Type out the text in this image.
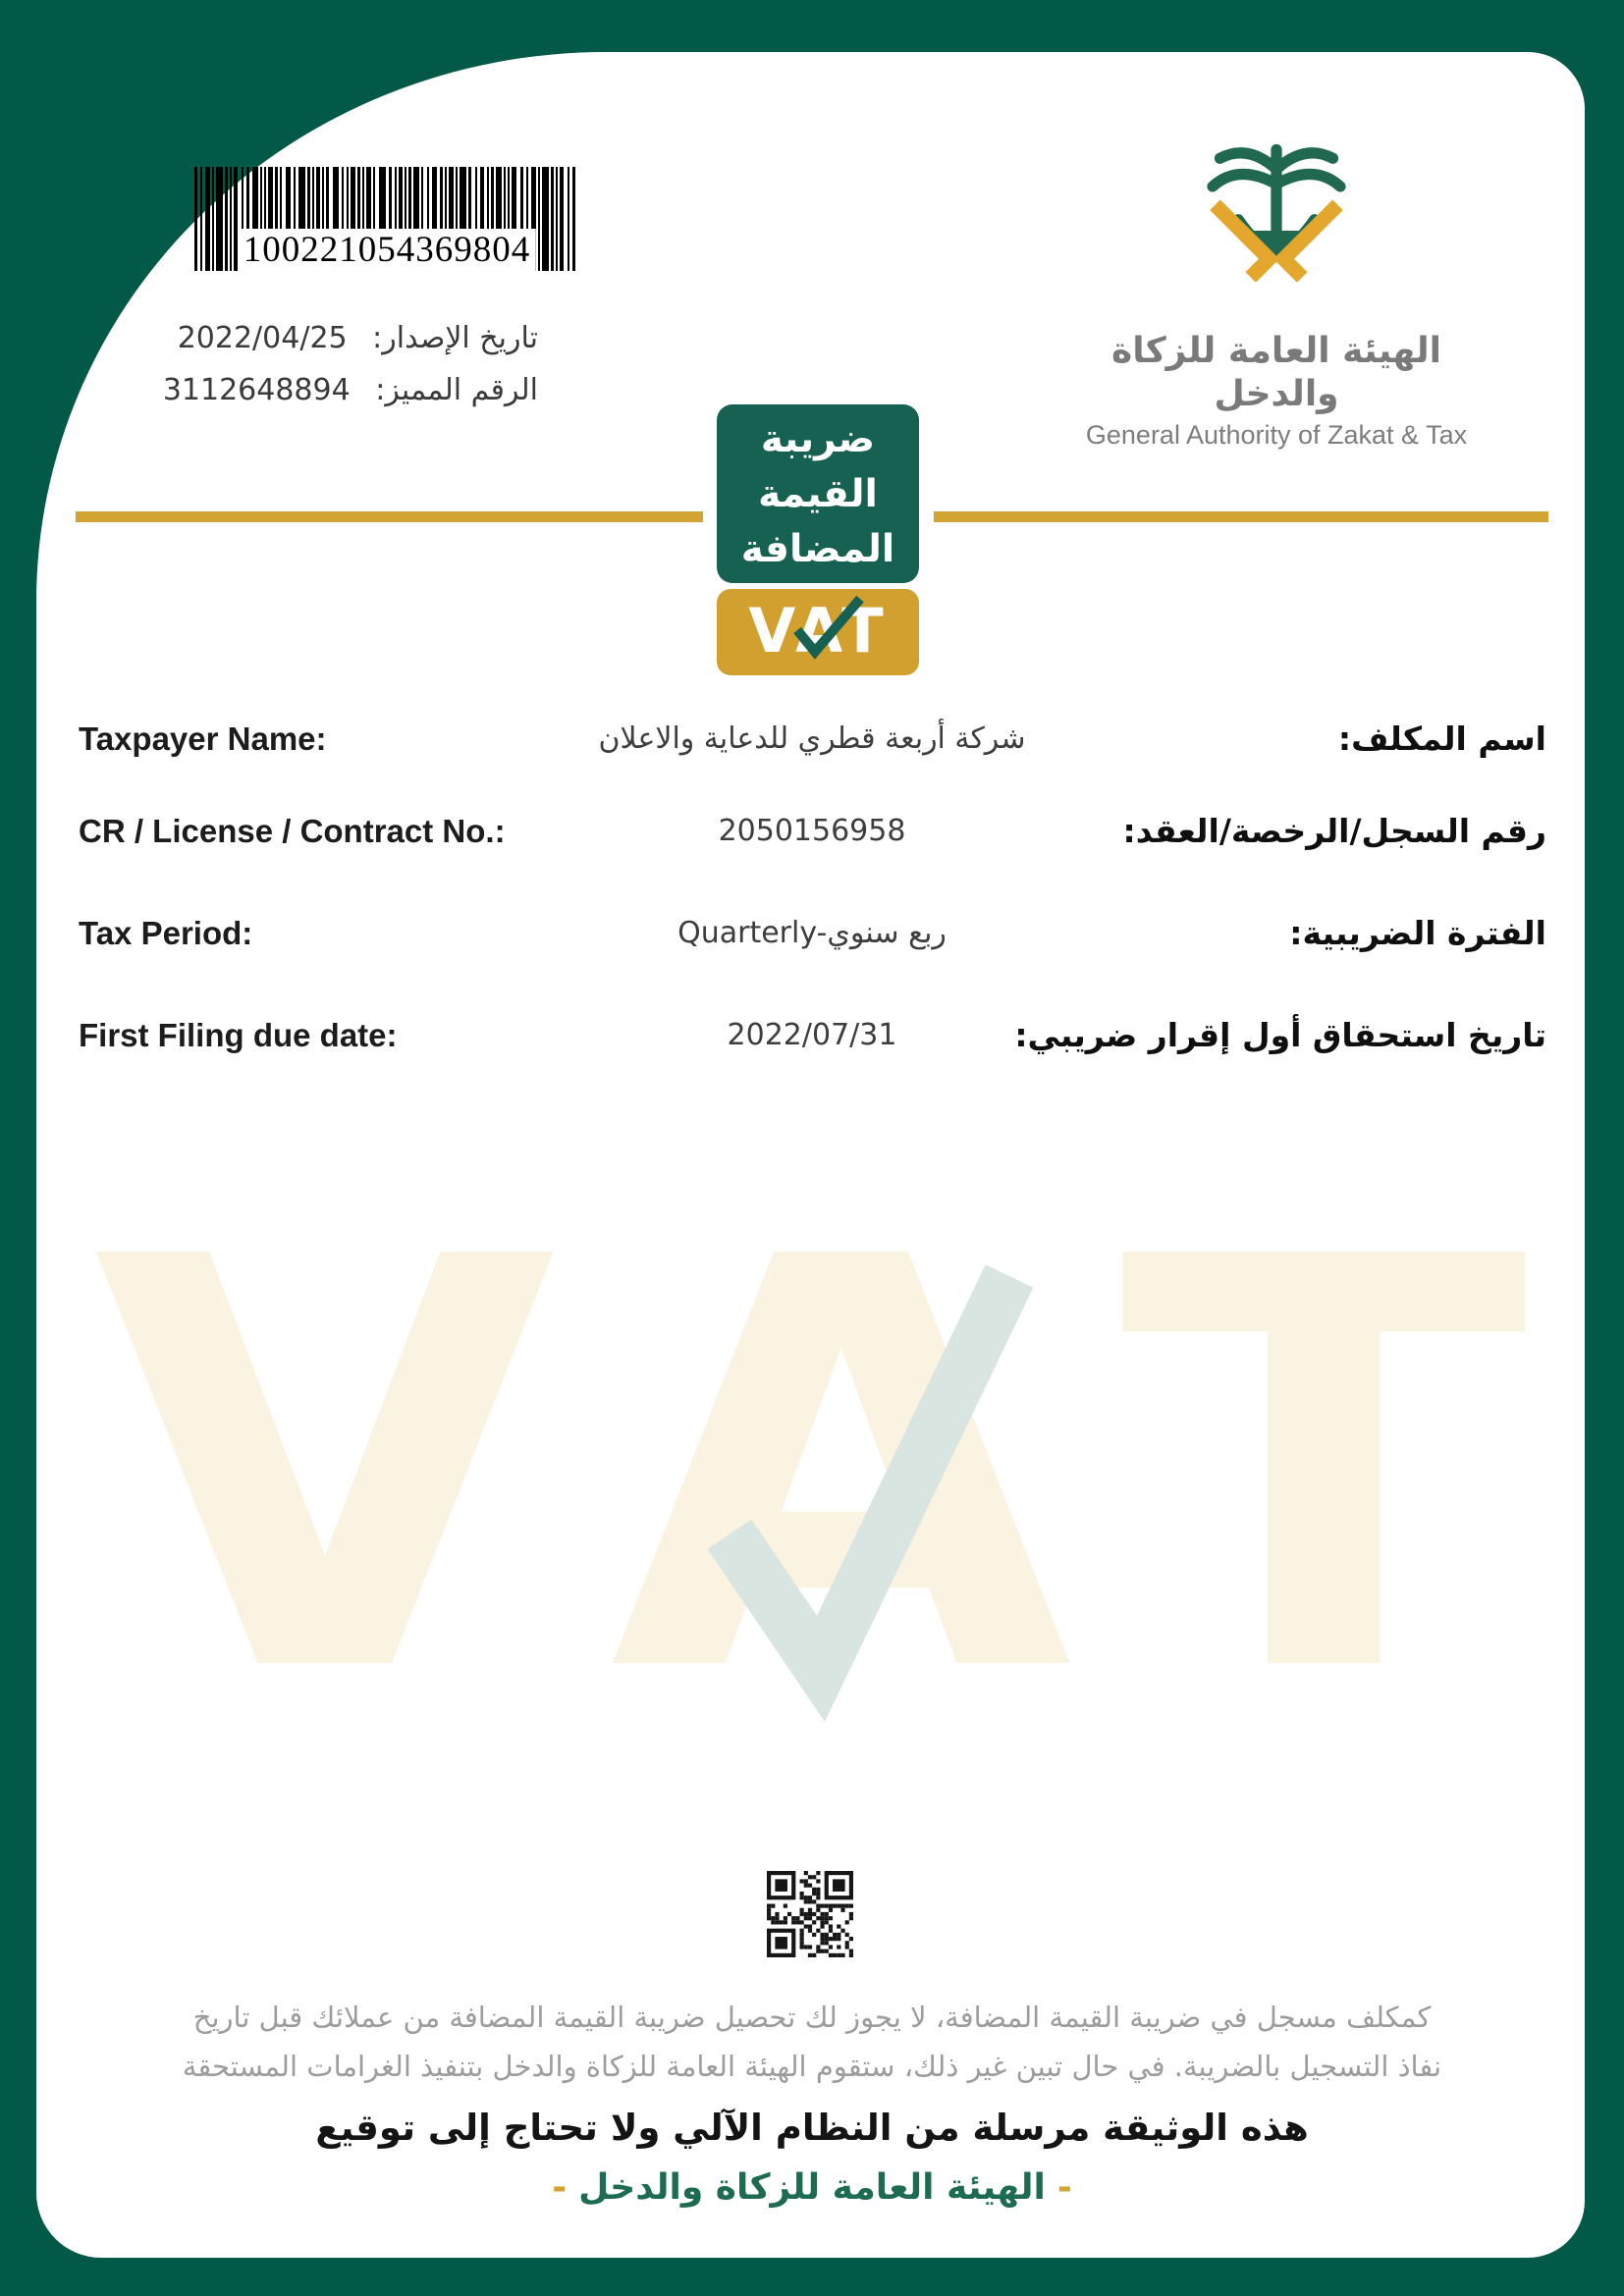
100221054369804
تاريخ الإصدار: 2022/04/25
الرقم المميز: 3112648894
الهيئة العامة للزكاة والدخل
General Authority of Zakat & Tax
ضريبة
القيمة
المضافة
VAT
Taxpayer Name:	شركة أربعة قطري للدعاية والاعلان	اسم المكلف:
CR / License / Contract No.:	2050156958	رقم السجل/الرخصة/العقد:
Tax Period:	Quarterly-ربع سنوي	الفترة الضريبية:
First Filing due date:	2022/07/31	تاريخ استحقاق أول إقرار ضريبي:
VAT
كمكلف مسجل في ضريبة القيمة المضافة، لا يجوز لك تحصيل ضريبة القيمة المضافة من عملائك قبل تاريخ
نفاذ التسجيل بالضريبة. في حال تبين غير ذلك، ستقوم الهيئة العامة للزكاة والدخل بتنفيذ الغرامات المستحقة
هذه الوثيقة مرسلة من النظام الآلي ولا تحتاج إلى توقيع
-الهيئة العامة للزكاة والدخل-
